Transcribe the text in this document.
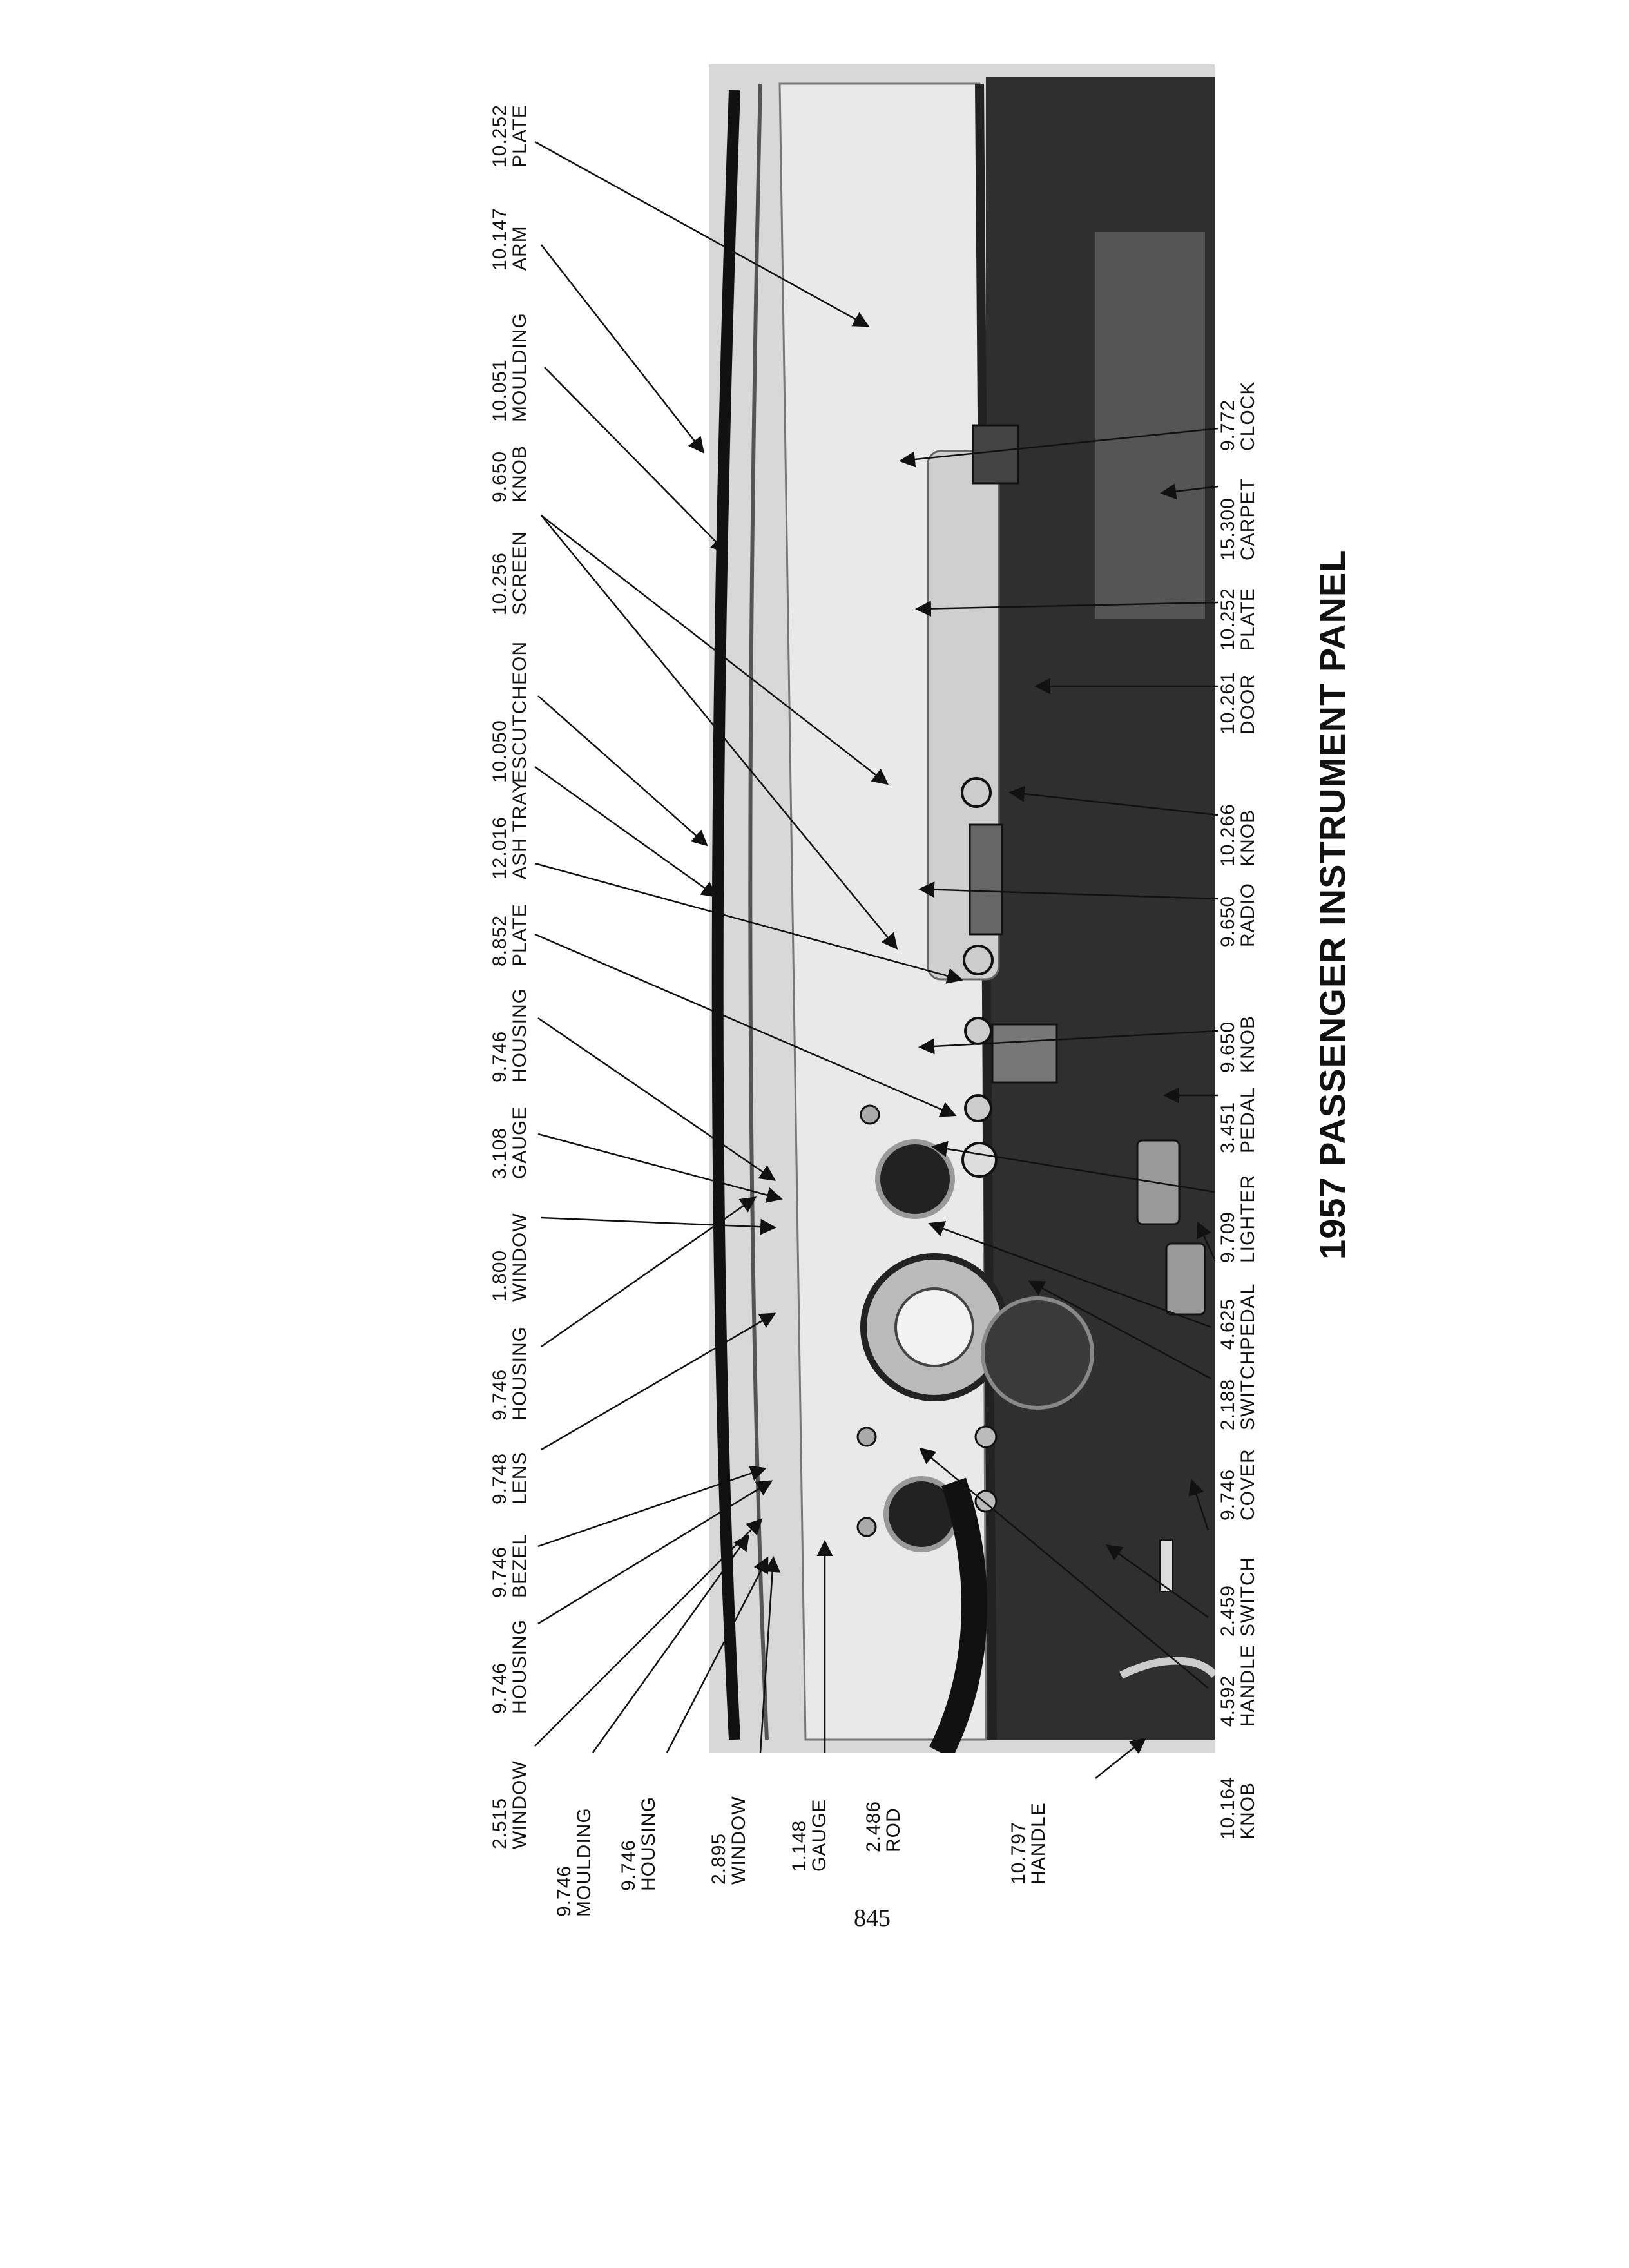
10.252
PLATE
10.147
ARM
10.051
MOULDING
9.650
KNOB
10.256
SCREEN
10.050
ESCUTCHEON
12.016
ASH TRAY
8.852
PLATE
9.746
HOUSING
3.108
GAUGE
1.800
WINDOW
9.746
HOUSING
9.748
LENS
9.746
BEZEL
9.746
HOUSING
2.515
WINDOW
9.746
MOULDING 9.746
HOUSING	2.895
WINDOW 1.148
GAUGE 2.486
ROD	10.797
HANDLE
9.772
CLOCK
15.300
CARPET
10.252
PLATE
10.261
DOOR
10.266
KNOB
9.650
RADIO
9.650
KNOB
3.451
PEDAL
9.709
LIGHTER
4.625
PEDAL
2.188
SWITCH
9.746
COVER
2.459
SWITCH
4.592
HANDLE
10.164
KNOB
1957 PASSENGER INSTRUMENT PANEL
845
